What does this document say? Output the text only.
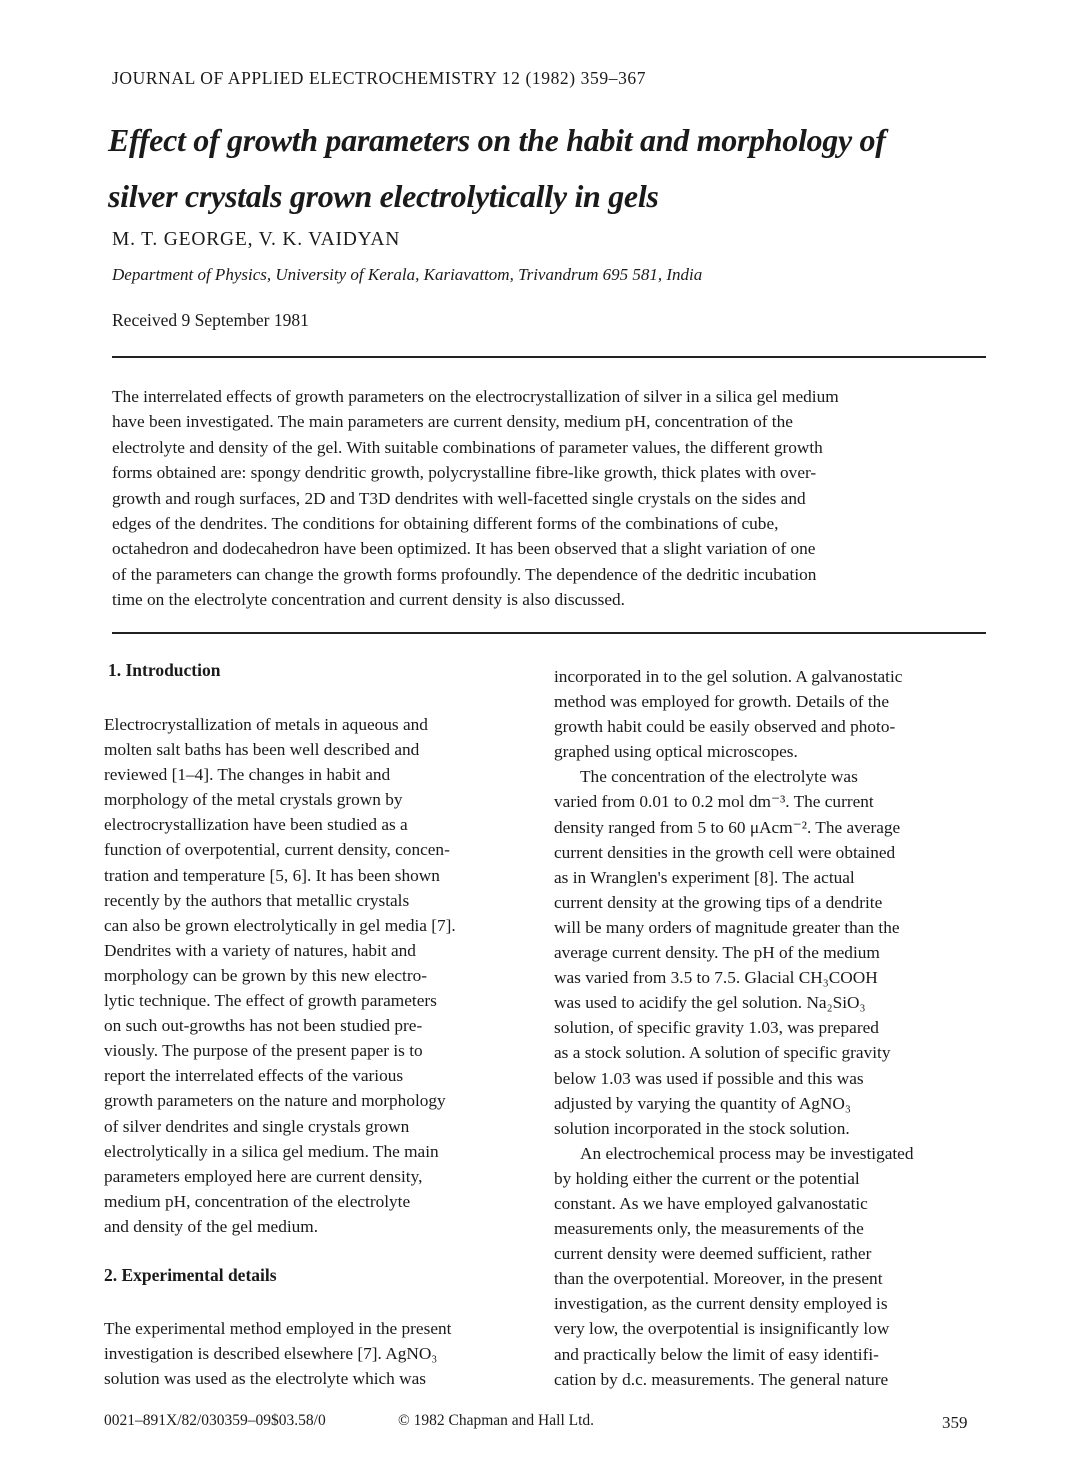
JOURNAL OF APPLIED ELECTROCHEMISTRY 12 (1982) 359–367
Effect of growth parameters on the habit and morphology of
silver crystals grown electrolytically in gels
M. T. GEORGE, V. K. VAIDYAN
Department of Physics, University of Kerala, Kariavattom, Trivandrum 695 581, India
Received 9 September 1981
The interrelated effects of growth parameters on the electrocrystallization of silver in a silica gel medium
have been investigated. The main parameters are current density, medium pH, concentration of the
electrolyte and density of the gel. With suitable combinations of parameter values, the different growth
forms obtained are: spongy dendritic growth, polycrystalline fibre-like growth, thick plates with over-
growth and rough surfaces, 2D and T3D dendrites with well-facetted single crystals on the sides and
edges of the dendrites. The conditions for obtaining different forms of the combinations of cube,
octahedron and dodecahedron have been optimized. It has been observed that a slight variation of one
of the parameters can change the growth forms profoundly. The dependence of the dedritic incubation
time on the electrolyte concentration and current density is also discussed.
1. Introduction
Electrocrystallization of metals in aqueous and
molten salt baths has been well described and
reviewed [1–4]. The changes in habit and
morphology of the metal crystals grown by
electrocrystallization have been studied as a
function of overpotential, current density, concen-
tration and temperature [5, 6]. It has been shown
recently by the authors that metallic crystals
can also be grown electrolytically in gel media [7].
Dendrites with a variety of natures, habit and
morphology can be grown by this new electro-
lytic technique. The effect of growth parameters
on such out-growths has not been studied pre-
viously. The purpose of the present paper is to
report the interrelated effects of the various
growth parameters on the nature and morphology
of silver dendrites and single crystals grown
electrolytically in a silica gel medium. The main
parameters employed here are current density,
medium pH, concentration of the electrolyte
and density of the gel medium.
2. Experimental details
The experimental method employed in the present
investigation is described elsewhere [7]. AgNO₃
solution was used as the electrolyte which was
incorporated in to the gel solution. A galvanostatic
method was employed for growth. Details of the
growth habit could be easily observed and photo-
graphed using optical microscopes.
The concentration of the electrolyte was
varied from 0.01 to 0.2 mol dm⁻³. The current
density ranged from 5 to 60 μAcm⁻². The average
current densities in the growth cell were obtained
as in Wranglen's experiment [8]. The actual
current density at the growing tips of a dendrite
will be many orders of magnitude greater than the
average current density. The pH of the medium
was varied from 3.5 to 7.5. Glacial CH₃COOH
was used to acidify the gel solution. Na₂SiO₃
solution, of specific gravity 1.03, was prepared
as a stock solution. A solution of specific gravity
below 1.03 was used if possible and this was
adjusted by varying the quantity of AgNO₃
solution incorporated in the stock solution.
An electrochemical process may be investigated
by holding either the current or the potential
constant. As we have employed galvanostatic
measurements only, the measurements of the
current density were deemed sufficient, rather
than the overpotential. Moreover, in the present
investigation, as the current density employed is
very low, the overpotential is insignificantly low
and practically below the limit of easy identifi-
cation by d.c. measurements. The general nature
0021–891X/82/030359–09$03.58/0	© 1982 Chapman and Hall Ltd.	359
